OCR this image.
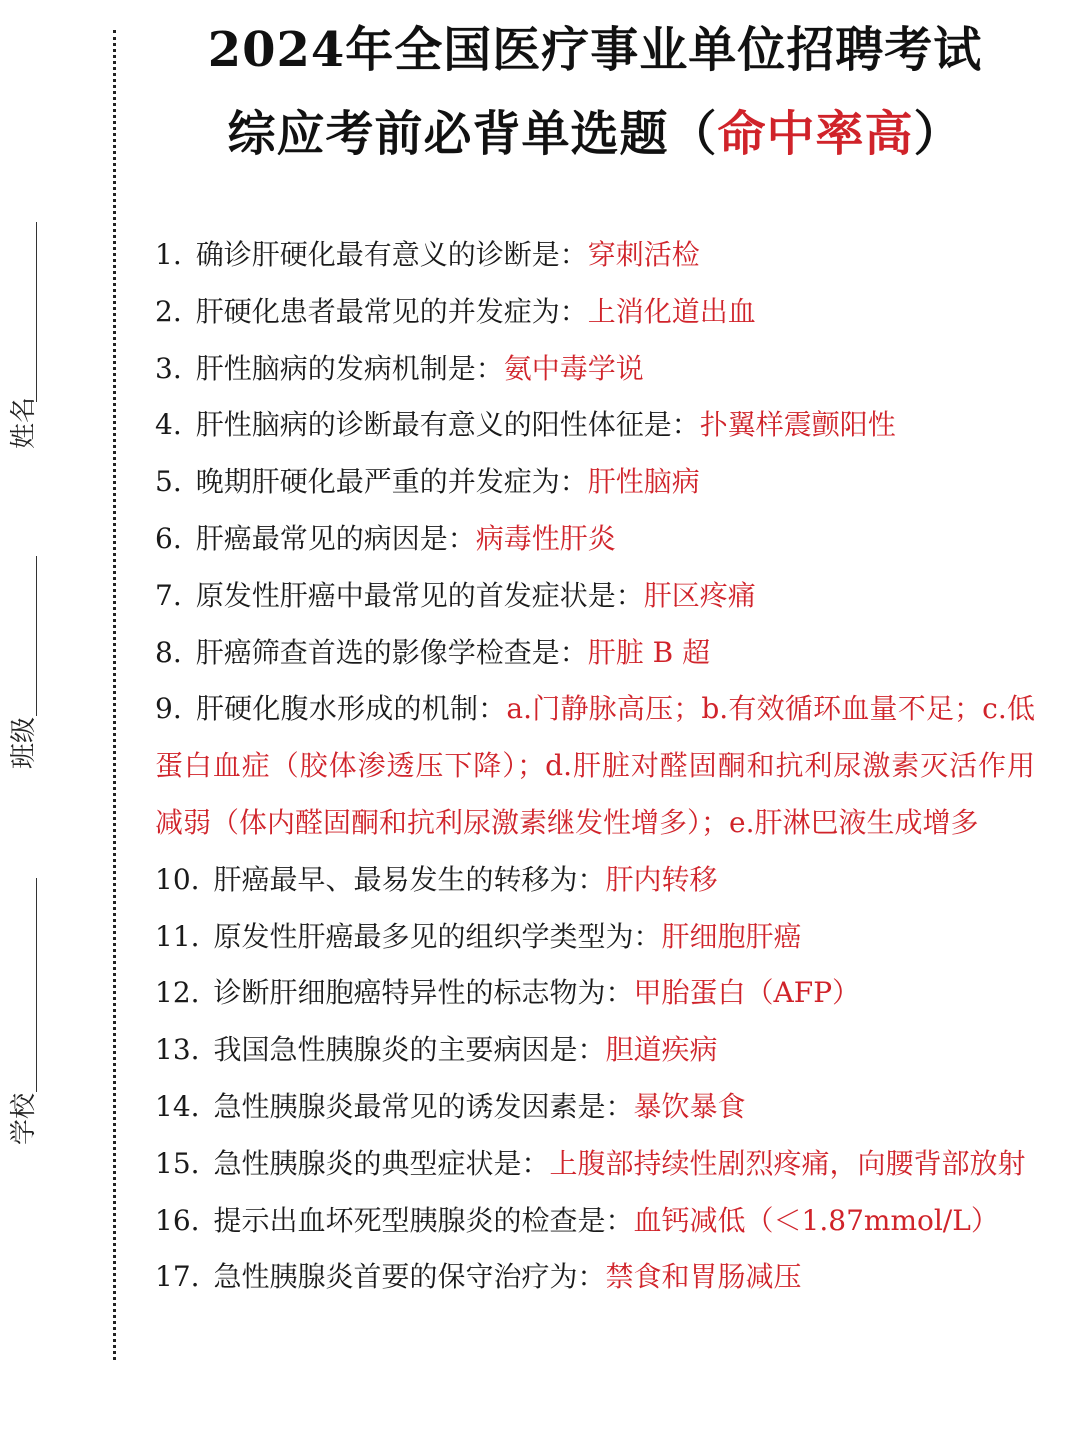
姓名
班级
学校
2024年全国医疗事业单位招聘考试
综应考前必背单选题（命中率高）
1. 确诊肝硬化最有意义的诊断是：穿刺活检
2. 肝硬化患者最常见的并发症为：上消化道出血
3. 肝性脑病的发病机制是：氨中毒学说
4. 肝性脑病的诊断最有意义的阳性体征是：扑翼样震颤阳性
5. 晚期肝硬化最严重的并发症为：肝性脑病
6. 肝癌最常见的病因是：病毒性肝炎
7. 原发性肝癌中最常见的首发症状是：肝区疼痛
8. 肝癌筛查首选的影像学检查是：肝脏 B 超
9. 肝硬化腹水形成的机制：a.门静脉高压；b.有效循环血量不足；c.低蛋白血症（胶体渗透压下降）；d.肝脏对醛固酮和抗利尿激素灭活作用减弱（体内醛固酮和抗利尿激素继发性增多）；e.肝淋巴液生成增多
10. 肝癌最早、最易发生的转移为：肝内转移
11. 原发性肝癌最多见的组织学类型为：肝细胞肝癌
12. 诊断肝细胞癌特异性的标志物为：甲胎蛋白（AFP）
13. 我国急性胰腺炎的主要病因是：胆道疾病
14. 急性胰腺炎最常见的诱发因素是：暴饮暴食
15. 急性胰腺炎的典型症状是：上腹部持续性剧烈疼痛，向腰背部放射
16. 提示出血坏死型胰腺炎的检查是：血钙减低（＜1.87mmol/L）
17. 急性胰腺炎首要的保守治疗为：禁食和胃肠减压
